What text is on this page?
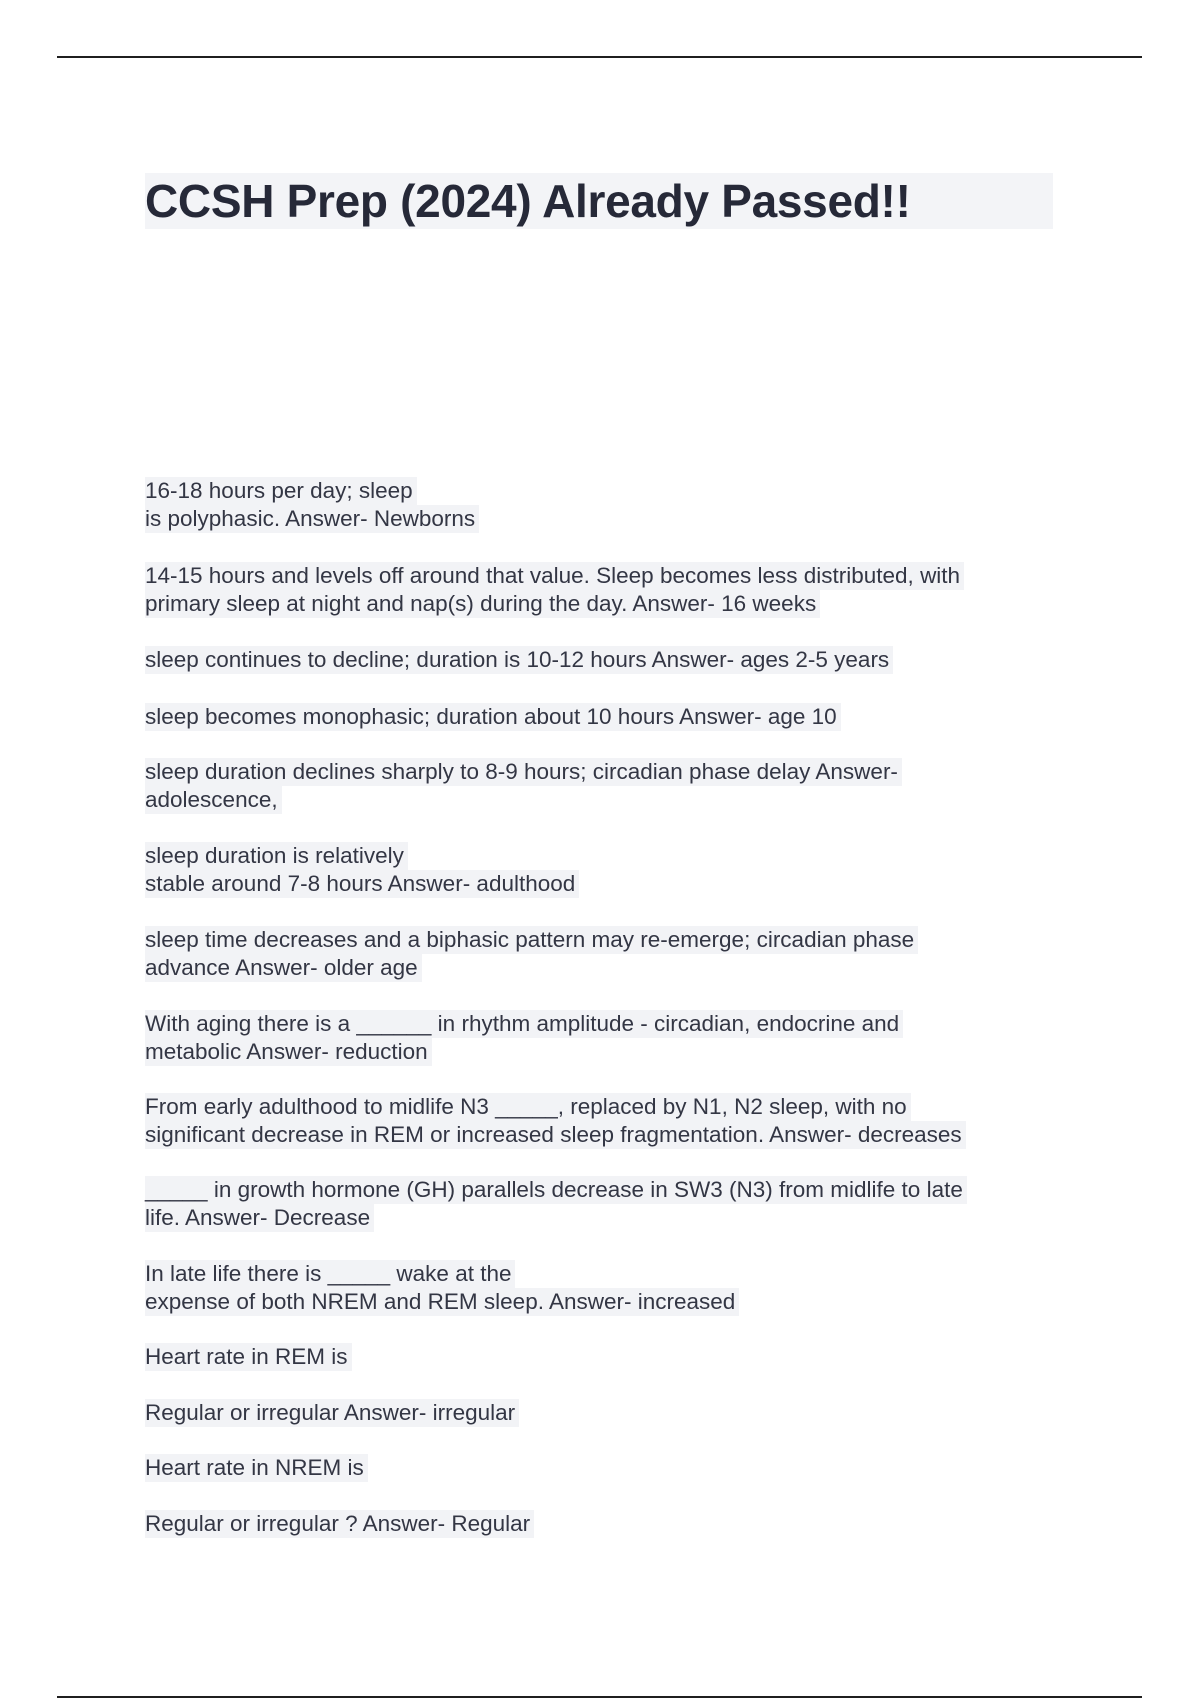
CCSH Prep (2024) Already Passed!!
16-18 hours per day; sleep
is polyphasic. Answer- Newborns
14-15 hours and levels off around that value. Sleep becomes less distributed, with
primary sleep at night and nap(s) during the day. Answer- 16 weeks
sleep continues to decline; duration is 10-12 hours Answer- ages 2-5 years
sleep becomes monophasic; duration about 10 hours Answer- age 10
sleep duration declines sharply to 8-9 hours; circadian phase delay Answer-
adolescence,
sleep duration is relatively
stable around 7-8 hours Answer- adulthood
sleep time decreases and a biphasic pattern may re-emerge; circadian phase
advance Answer- older age
With aging there is a ______ in rhythm amplitude - circadian, endocrine and
metabolic Answer- reduction
From early adulthood to midlife N3 _____, replaced by N1, N2 sleep, with no
significant decrease in REM or increased sleep fragmentation. Answer- decreases
_____ in growth hormone (GH) parallels decrease in SW3 (N3) from midlife to late
life. Answer- Decrease
In late life there is _____ wake at the
expense of both NREM and REM sleep. Answer- increased
Heart rate in REM is
Regular or irregular Answer- irregular
Heart rate in NREM is
Regular or irregular ? Answer- Regular
